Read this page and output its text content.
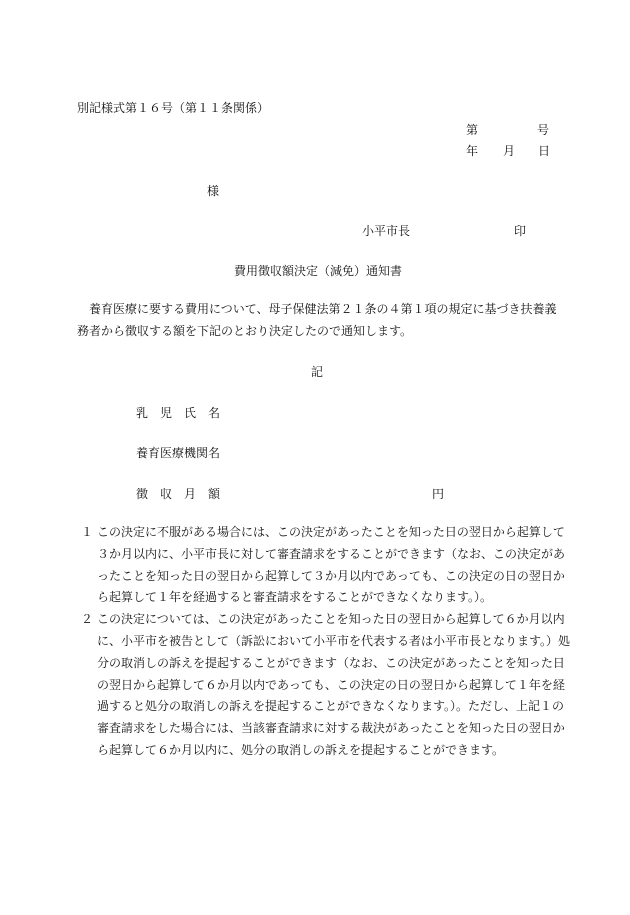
別記様式第１６号（第１１条関係）
第	号
年 月 日
様
小平市長	印
費用徴収額決定（減免）通知書

　養育医療に要する費用について、母子保健法第２１条の４第１項の規定に基づき扶養義務者から徴収する額を下記のとおり決定したので通知します。

記
乳　児　氏　名
養育医療機関名
徴　収　月　額	円
１ この決定に不服がある場合には、この決定があったことを知った日の翌日から起算して３か月以内に、小平市長に対して審査請求をすることができます（なお、この決定があったことを知った日の翌日から起算して３か月以内であっても、この決定の日の翌日から起算して１年を経過すると審査請求をすることができなくなります。）。
２ この決定については、この決定があったことを知った日の翌日から起算して６か月以内に、小平市を被告として（訴訟において小平市を代表する者は小平市長となります。）処分の取消しの訴えを提起することができます（なお、この決定があったことを知った日の翌日から起算して６か月以内であっても、この決定の日の翌日から起算して１年を経過すると処分の取消しの訴えを提起することができなくなります。）。ただし、上記１の審査請求をした場合には、当該審査請求に対する裁決があったことを知った日の翌日から起算して６か月以内に、処分の取消しの訴えを提起することができます。
